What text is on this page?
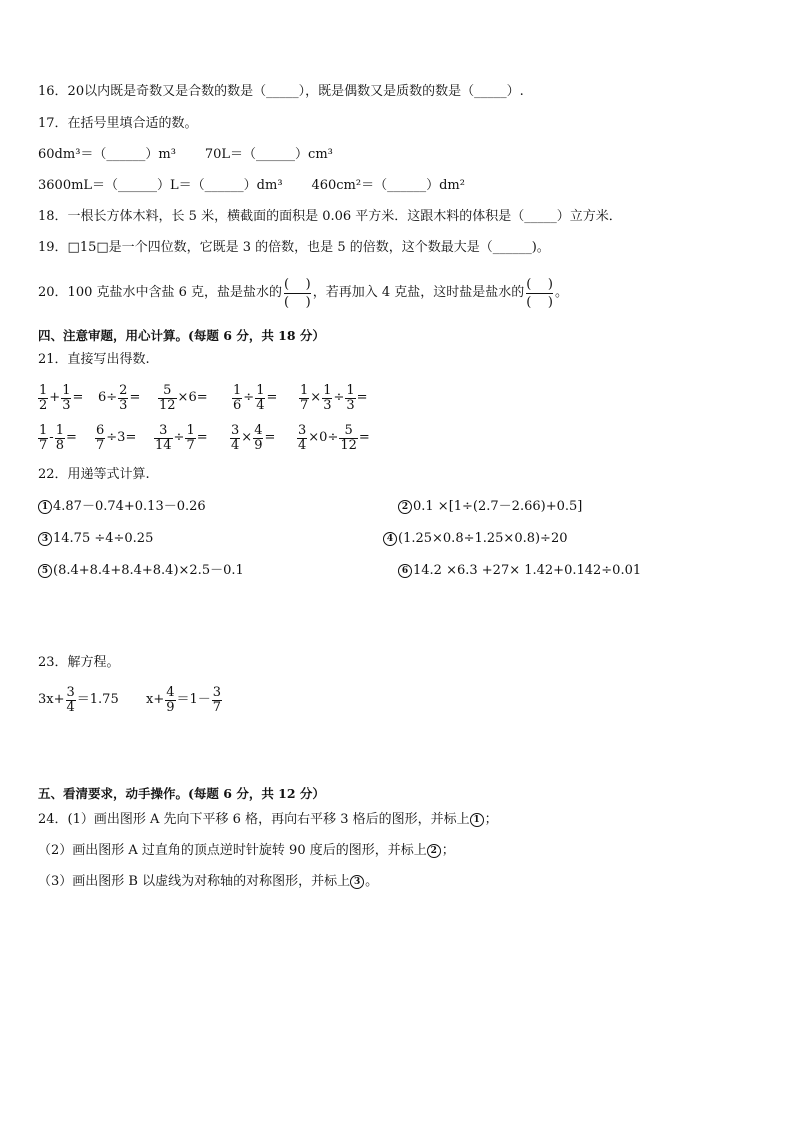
16．20以内既是奇数又是合数的数是（_____），既是偶数又是质数的数是（_____）.
17．在括号里填合适的数。
60dm³＝（______）m³       70L＝（______）cm³
3600mL＝（______）L＝（______）dm³       460cm²＝（______）dm²
18．一根长方体木料，长 5 米，横截面的面积是 0.06 平方米．这跟木料的体积是（_____）立方米．
19．□15□是一个四位数，它既是 3 的倍数，也是 5 的倍数，这个数最大是（______)。
20．100 克盐水中含盐 6 克，盐是盐水的
(    )
(    )
，若再加入 4 克盐，这时盐是盐水的
(    )
(    )
。
四、注意审题，用心计算。(每题 6 分，共 18 分）
21．直接写出得数.
$\frac{1}{2} + \frac{1}{3} = 6\div \frac{2}{3} = \frac{5}{12} \times 6= \frac{1}{6} \div \frac{1}{4} = \frac{1}{7} \times \frac{1}{3} \div \frac{1}{3}$ =
$\frac{1}{7} - \frac{1}{8} = \frac{6}{7} \div 3= \frac{3}{14} \div \frac{1}{7} = \frac{3}{4} \times \frac{4}{9} = \frac{3}{4} \times 0\div \frac{5}{12}$ =
22．用递等式计算.
1 4.87－0.74+0.13－0.26	2 0.1 ×[1÷(2.7－2.66)+0.5]
3 14.75 ÷4÷0.25	4 (1.25×0.8÷1.25×0.8)÷20
5 (8.4+8.4+8.4+8.4)×2.5－0.1	6 14.2 ×6.3 +27× 1.42+0.142÷0.01
23．解方程。
$3x+ \frac{3}{4} =1.75$ $x+ \frac{4}{9} =1- \frac{3}{7}$
五、看清要求，动手操作。(每题 6 分，共 12 分）
24．(1）画出图形 A 先向下平移 6 格，再向右平移 3 格后的图形，并标上 1 ；
（2）画出图形 A 过直角的顶点逆时针旋转 90 度后的图形，并标上 2 ；
（3）画出图形 B 以虚线为对称轴的对称图形，并标上 3 。
